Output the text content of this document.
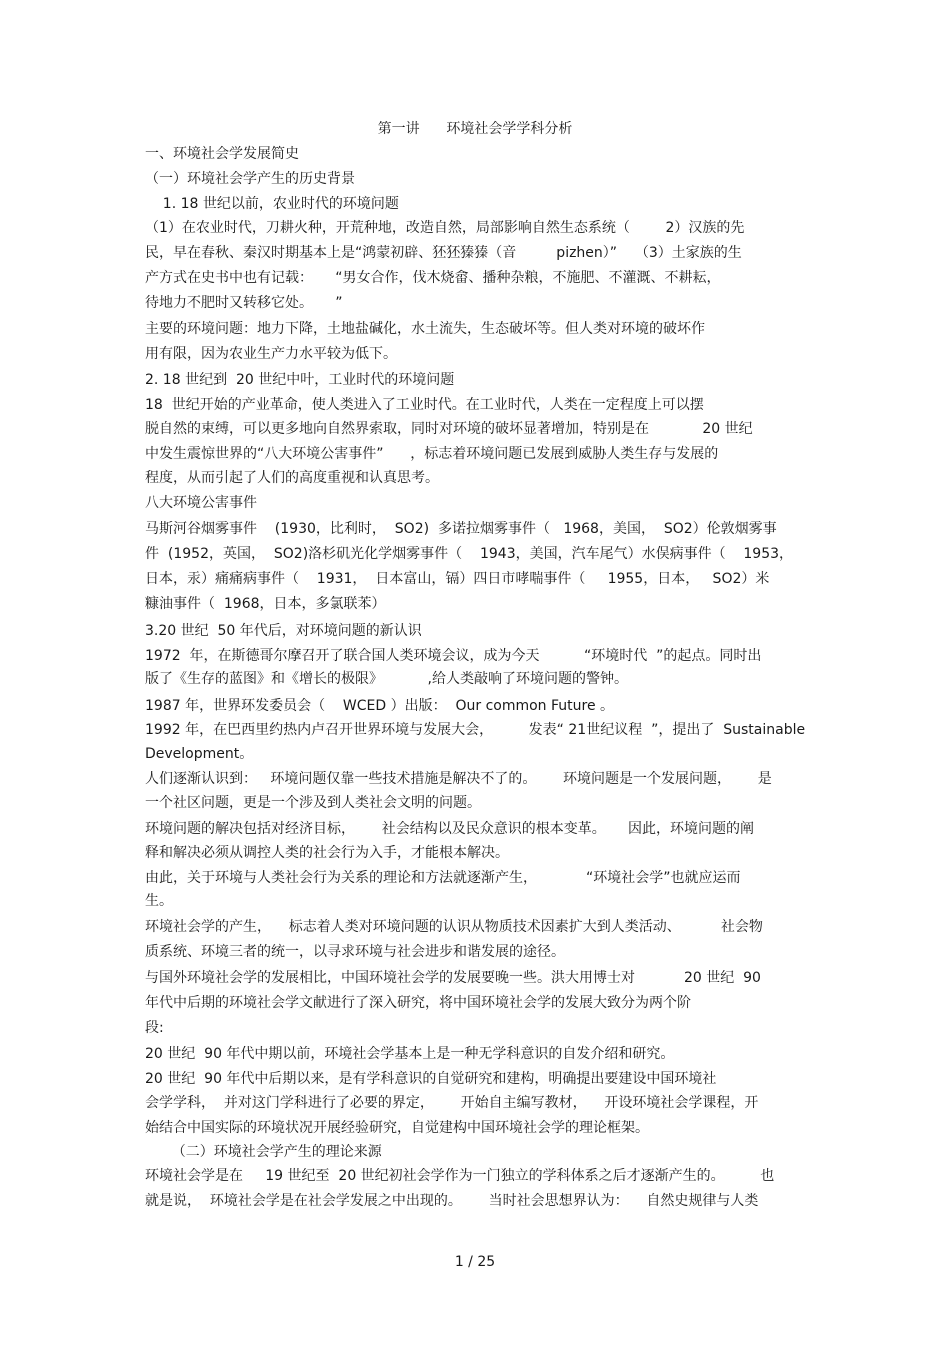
第一讲      环境社会学学科分析
一、环境社会学发展简史
（一）环境社会学产生的历史背景
1. 18 世纪以前，农业时代的环境问题
（1）在农业时代，刀耕火种，开荒种地，改造自然，局部影响自然生态系统（        2）汉族的先
民，早在春秋、秦汉时期基本上是“鸿蒙初辟、狉狉獉獉（音         pizhen）”    （3）土家族的生
产方式在史书中也有记载：     “男女合作，伐木烧畲、播种杂粮，不施肥、不灌溉、不耕耘，
待地力不肥时又转移它处。     ”
主要的环境问题：地力下降，土地盐碱化，水土流失，生态破坏等。但人类对环境的破坏作
用有限，因为农业生产力水平较为低下。
2. 18 世纪到  20 世纪中叶，工业时代的环境问题
18  世纪开始的产业革命，使人类进入了工业时代。在工业时代，人类在一定程度上可以摆
脱自然的束缚，可以更多地向自然界索取，同时对环境的破坏显著增加，特别是在            20 世纪
中发生震惊世界的“八大环境公害事件”      ，标志着环境问题已发展到威胁人类生存与发展的
程度，从而引起了人们的高度重视和认真思考。
八大环境公害事件
马斯河谷烟雾事件    (1930，比利时，  SO2)  多诺拉烟雾事件（   1968，美国，  SO2）伦敦烟雾事
件  (1952，英国，  SO2)洛杉矶光化学烟雾事件（    1943，美国，汽车尾气）水俣病事件（    1953，
日本，汞）痛痛病事件（    1931，  日本富山，镉）四日市哮喘事件（     1955，日本，   SO2）米
糠油事件（  1968，日本，多氯联苯）
3.20 世纪  50 年代后，对环境问题的新认识
1972  年，在斯德哥尔摩召开了联合国人类环境会议，成为今天          “环境时代  ”的起点。同时出
版了《生存的蓝图》和《增长的极限》          ,给人类敲响了环境问题的警钟。
1987 年，世界环发委员会（    WCED ）出版：  Our common Future 。
1992 年，在巴西里约热内卢召开世界环境与发展大会，        发表“ 21世纪议程  ”，提出了  Sustainable
Development。
人们逐渐认识到：   环境问题仅靠一些技术措施是解决不了的。      环境问题是一个发展问题，      是
一个社区问题，更是一个涉及到人类社会文明的问题。
环境问题的解决包括对经济目标，      社会结构以及民众意识的根本变革。     因此，环境问题的阐
释和解决必须从调控人类的社会行为入手，才能根本解决。
由此，关于环境与人类社会行为关系的理论和方法就逐渐产生，           “环境社会学”也就应运而
生。
环境社会学的产生，    标志着人类对环境问题的认识从物质技术因素扩大到人类活动、         社会物
质系统、环境三者的统一，以寻求环境与社会进步和谐发展的途径。
与国外环境社会学的发展相比，中国环境社会学的发展要晚一些。洪大用博士对           20 世纪  90
年代中后期的环境社会学文献进行了深入研究，将中国环境社会学的发展大致分为两个阶
段:
20 世纪  90 年代中期以前，环境社会学基本上是一种无学科意识的自发介绍和研究。
20 世纪  90 年代中后期以来，是有学科意识的自觉研究和建构，明确提出要建设中国环境社
会学学科，  并对这门学科进行了必要的界定，      开始自主编写教材，    开设环境社会学课程，开
始结合中国实际的环境状况开展经验研究，自觉建构中国环境社会学的理论框架。
（二）环境社会学产生的理论来源
环境社会学是在     19 世纪至  20 世纪初社会学作为一门独立的学科体系之后才逐渐产生的。        也
就是说，  环境社会学是在社会学发展之中出现的。      当时社会思想界认为：    自然史规律与人类
1 / 25
